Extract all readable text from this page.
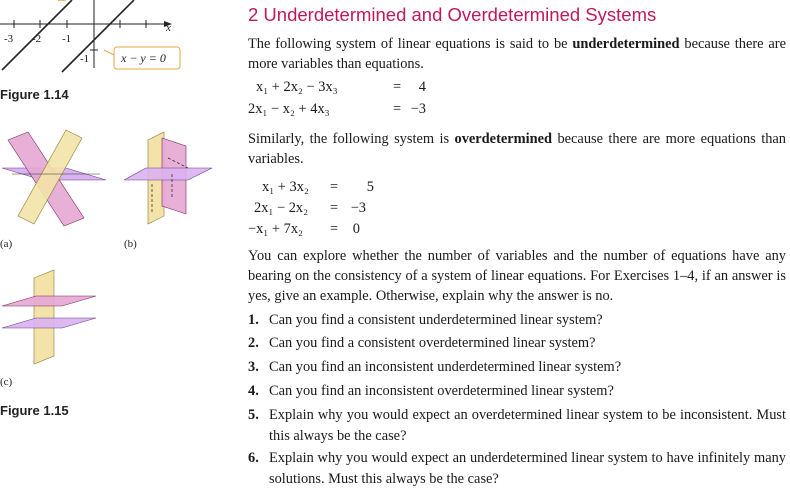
-3 -2 -1
-1
x
x − y = 0
Figure 1.14
(a)	(b)
(c)
Figure 1.15
2 Underdetermined and Overdetermined Systems
The following system of linear equations is said to be underdetermined because there are more variables than equations.
x₁ + 2x₂ − 3x₃	= 4
2x₁ − x₂ + 4x₃	= −3
Similarly, the following system is overdetermined because there are more equations than variables.
x₁ + 3x₂ = 5
2x₁ − 2x₂ = −3
−x₁ + 7x₂ = 0
You can explore whether the number of variables and the number of equations have any bearing on the consistency of a system of linear equations. For Exercises 1–4, if an answer is yes, give an example. Otherwise, explain why the answer is no.
1. Can you find a consistent underdetermined linear system?
2. Can you find a consistent overdetermined linear system?
3. Can you find an inconsistent underdetermined linear system?
4. Can you find an inconsistent overdetermined linear system?
5. Explain why you would expect an overdetermined linear system to be inconsistent. Must this always be the case?
6. Explain why you would expect an underdetermined linear system to have infinitely many solutions. Must this always be the case?
